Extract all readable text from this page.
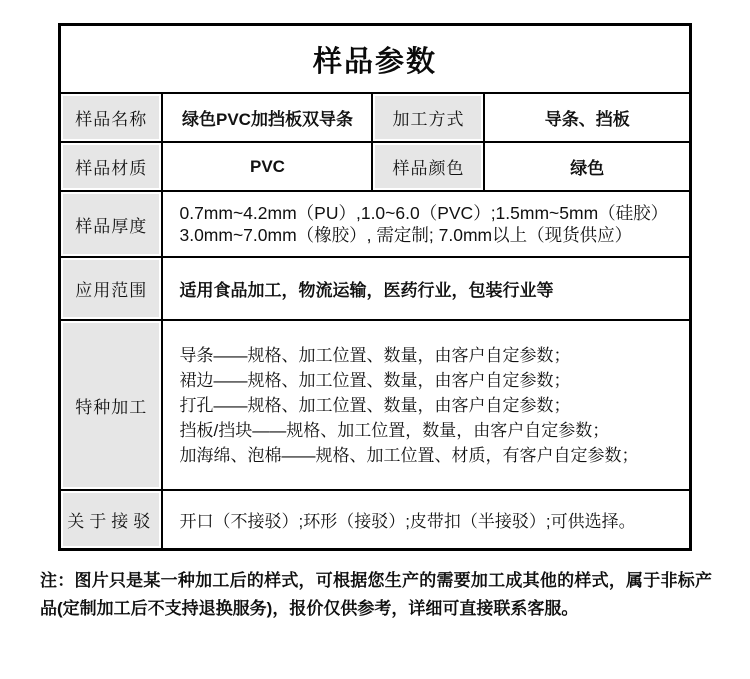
样品参数			
样品名称	绿色PVC加挡板双导条	加工方式	导条、挡板
样品材质	PVC	样品颜色	绿色
样品厚度	0.7mm~4.2mm（PU）,1.0~6.0（PVC）;1.5mm~5mm（硅胶）
3.0mm~7.0mm（橡胶）, 需定制; 7.0mm以上（现货供应）		

应用范围	适用食品加工，物流运输，医药行业，包装行业等		
特种加工	导条——规格、加工位置、数量，由客户自定参数；
裙边——规格、加工位置、数量，由客户自定参数；
打孔——规格、加工位置、数量，由客户自定参数；
挡板/挡块——规格、加工位置，数量，由客户自定参数；
加海绵、泡棉——规格、加工位置、材质，有客户自定参数；		

关于接驳	开口（不接驳）;环形（接驳）;皮带扣（半接驳）;可供选择。		

注：图片只是某一种加工后的样式，可根据您生产的需要加工成其他的样式，属于非标产品(定制加工后不支持退换服务)，报价仅供参考，详细可直接联系客服。
